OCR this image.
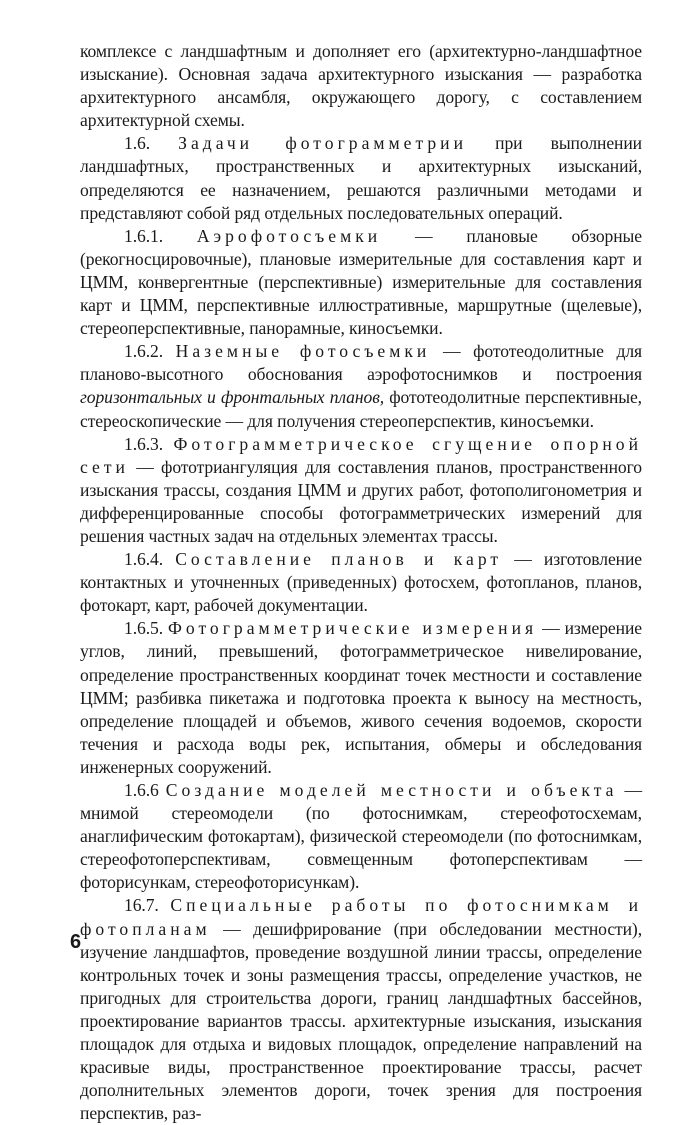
комплексе с ландшафтным и дополняет его (архитектурно-ландшафтное изыскание). Основная задача архитектурного изыскания — разработка архитектурного ансамбля, окружающего дорогу, с составлением архитектурной схемы.

1.6. Задачи фотограмметрии при выполнении ландшафтных, пространственных и архитектурных изысканий, определяются ее назначением, решаются различными методами и представляют собой ряд отдельных последовательных операций.

1.6.1. Аэрофотосъемки — плановые обзорные (рекогносцировочные), плановые измерительные для составления карт и ЦММ, конвергентные (перспективные) измерительные для составления карт и ЦММ, перспективные иллюстративные, маршрутные (щелевые), стереоперспективные, панорамные, киносъемки.

1.6.2. Наземные фотосъемки — фототеодолитные для планово-высотного обоснования аэрофотоснимков и построения горизонтальных и фронтальных планов, фототеодолитные перспективные, стереоскопические — для получения стереоперспектив, киносъемки.

1.6.3. Фотограмметрическое сгущение опорной сети — фототриангуляция для составления планов, пространственного изыскания трассы, создания ЦММ и других работ, фотополигонометрия и дифференцированные способы фотограмметрических измерений для решения частных задач на отдельных элементах трассы.

1.6.4. Составление планов и карт — изготовление контактных и уточненных (приведенных) фотосхем, фотопланов, планов, фотокарт, карт, рабочей документации.

1.6.5. Фотограмметрические измерения — измерение углов, линий, превышений, фотограмметрическое нивелирование, определение пространственных координат точек местности и составление ЦММ; разбивка пикетажа и подготовка проекта к выносу на местность, определение площадей и объемов, живого сечения водоемов, скорости течения и расхода воды рек, испытания, обмеры и обследования инженерных сооружений.

1.6.6 Создание моделей местности и объекта — мнимой стереомодели (по фотоснимкам, стереофотосхемам, анаглифическим фотокартам), физической стереомодели (по фотоснимкам, стереофотоперспективам, совмещенным фотоперспективам — фоторисункам, стереофоторисункам).

16.7. Специальные работы по фотоснимкам и фотопланам — дешифрирование (при обследовании местности), изучение ландшафтов, проведение воздушной линии трассы, определение контрольных точек и зоны размещения трассы, определение участков, не пригодных для строительства дороги, границ ландшафтных бассейнов, проектирование вариантов трассы. архитектурные изыскания, изыскания площадок для отдыха и видовых площадок, определение направлений на красивые виды, пространственное проектирование трассы, расчет дополнительных элементов дороги, точек зрения для построения перспектив, раз-

6
